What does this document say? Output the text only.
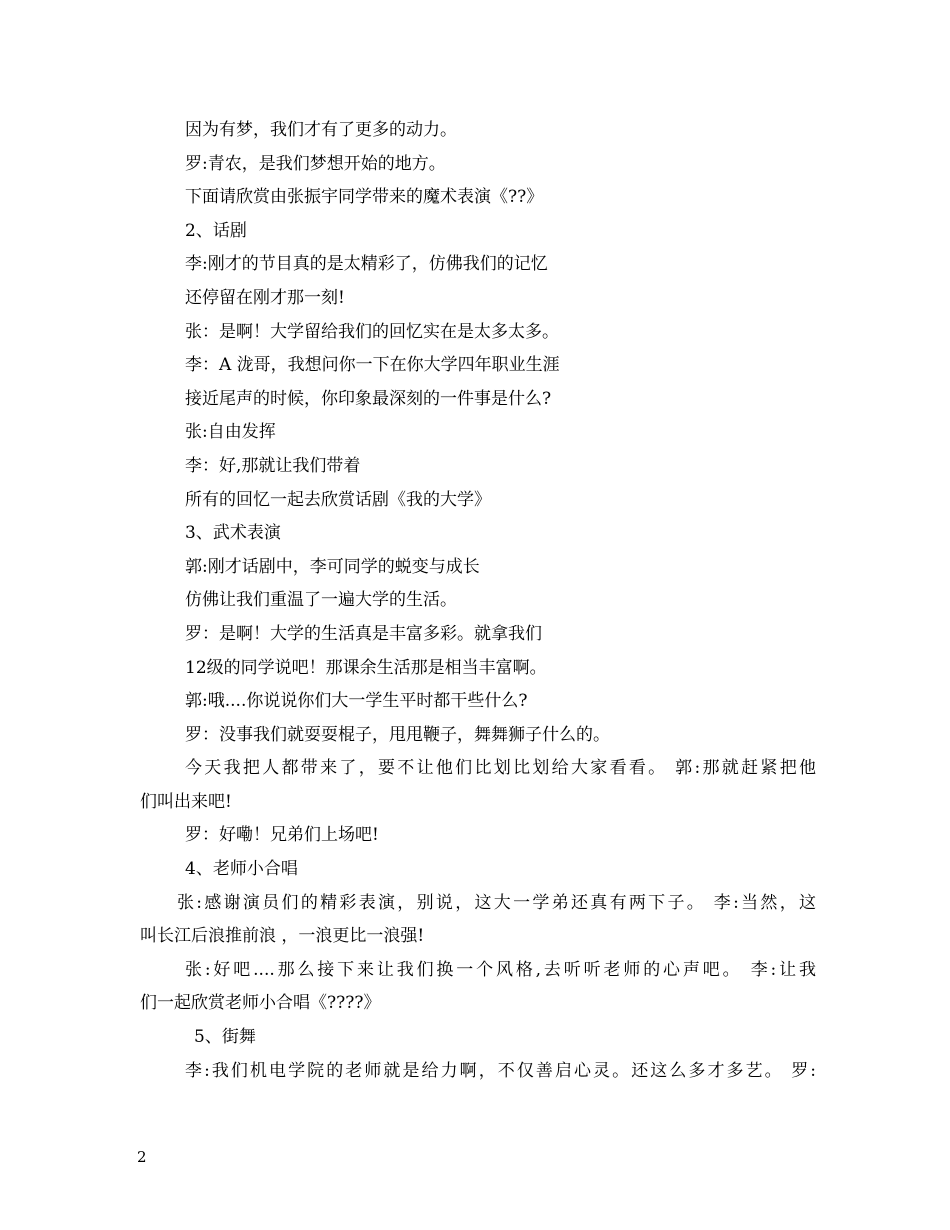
因为有梦，我们才有了更多的动力。
罗:青农，是我们梦想开始的地方。
下面请欣赏由张振宇同学带来的魔术表演《??》
2、话剧
李:刚才的节目真的是太精彩了，仿佛我们的记忆
还停留在刚才那一刻!
张：是啊！大学留给我们的回忆实在是太多太多。
李：A 泷哥，我想问你一下在你大学四年职业生涯
接近尾声的时候，你印象最深刻的一件事是什么?
张:自由发挥
李：好,那就让我们带着
所有的回忆一起去欣赏话剧《我的大学》
3、武术表演
郭:刚才话剧中，李可同学的蜕变与成长
仿佛让我们重温了一遍大学的生活。
罗：是啊！大学的生活真是丰富多彩。就拿我们
12级的同学说吧！那课余生活那是相当丰富啊。
郭:哦....你说说你们大一学生平时都干些什么?
罗：没事我们就耍耍棍子，甩甩鞭子，舞舞狮子什么的。
今天我把人都带来了，要不让他们比划比划给大家看看。 郭:那就赶紧把他
们叫出来吧!
罗：好嘞！兄弟们上场吧!
4、老师小合唱
张:感谢演员们的精彩表演，别说，这大一学弟还真有两下子。 李:当然，这
叫长江后浪推前浪 ，一浪更比一浪强!
张:好吧....那么接下来让我们换一个风格,去听听老师的心声吧。 李:让我
们一起欣赏老师小合唱《????》
5、街舞
李:我们机电学院的老师就是给力啊，不仅善启心灵。还这么多才多艺。 罗:
2
